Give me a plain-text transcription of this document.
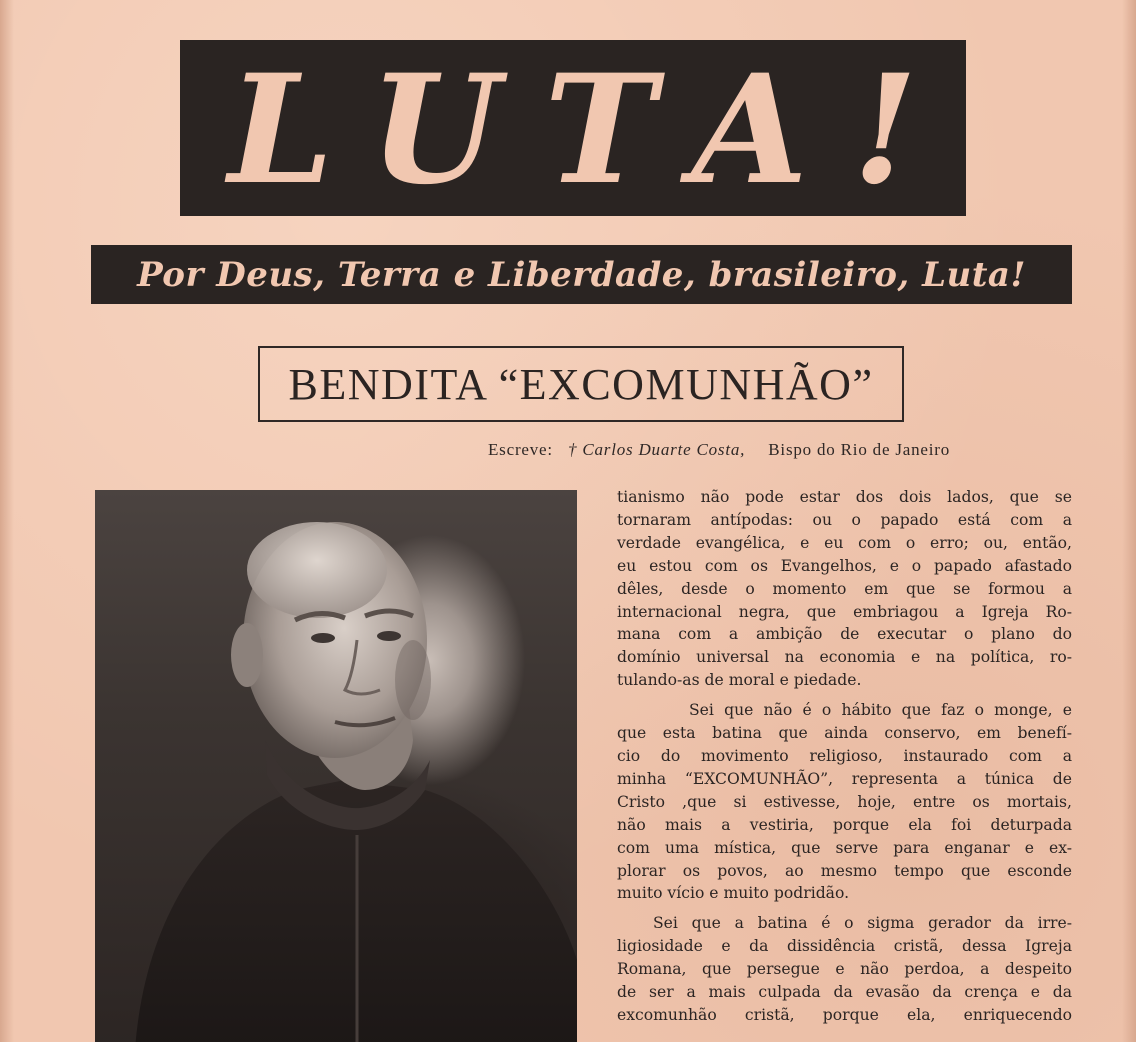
LUTA!
Por Deus, Terra e Liberdade, brasileiro, Luta!
BENDITA “EXCOMUNHÃO”
Escreve: † Carlos Duarte Costa, Bispo do Rio de Janeiro

tianismo não pode estar dos dois lados, que se
tornaram antípodas: ou o papado está com a
verdade evangélica, e eu com o erro; ou, então,
eu estou com os Evangelhos, e o papado afastado
dêles, desde o momento em que se formou a
internacional negra, que embriagou a Igreja Ro-
mana com a ambição de executar o plano do
domínio universal na economia e na política, ro-
tulando-as de moral e piedade.

Sei que não é o hábito que faz o monge, e
que esta batina que ainda conservo, em benefí-
cio do movimento religioso, instaurado com a
minha “EXCOMUNHÃO”, representa a túnica de
Cristo ,que si estivesse, hoje, entre os mortais,
não mais a vestiria, porque ela foi deturpada
com uma mística, que serve para enganar e ex-
plorar os povos, ao mesmo tempo que esconde
muito vício e muito podridão.

Sei que a batina é o sigma gerador da irre-
ligiosidade e da dissidência cristã, dessa Igreja
Romana, que persegue e não perdoa, a despeito
de ser a mais culpada da evasão da crença e da
excomunhão cristã, porque ela, enriquecendo
